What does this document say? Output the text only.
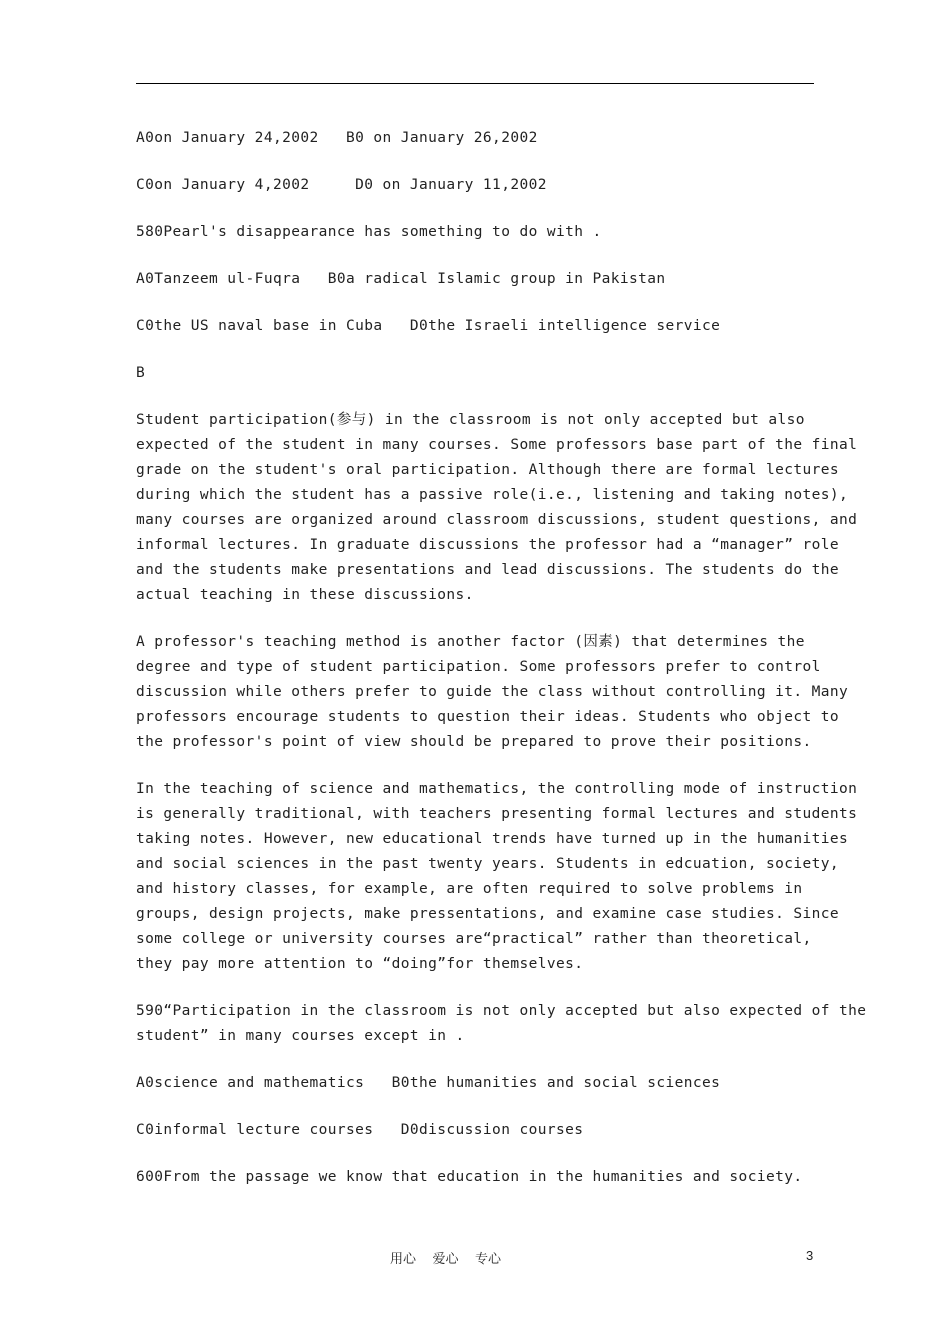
A0on January 24,2002   B0 on January 26,2002
C0on January 4,2002     D0 on January 11,2002
580Pearl's disappearance has something to do with .
A0Tanzeem ul-Fuqra   B0a radical Islamic group in Pakistan
C0the US naval base in Cuba   D0the Israeli intelligence service
B
Student participation(参与) in the classroom is not only accepted but also
expected of the student in many courses. Some professors base part of the final
grade on the student's oral participation. Although there are formal lectures
during which the student has a passive role(i.e., listening and taking notes),
many courses are organized around classroom discussions, student questions, and
informal lectures. In graduate discussions the professor had a “manager” role
and the students make presentations and lead discussions. The students do the
actual teaching in these discussions.
A professor's teaching method is another factor (因素) that determines the
degree and type of student participation. Some professors prefer to control
discussion while others prefer to guide the class without controlling it. Many
professors encourage students to question their ideas. Students who object to
the professor's point of view should be prepared to prove their positions.
In the teaching of science and mathematics, the controlling mode of instruction
is generally traditional, with teachers presenting formal lectures and students
taking notes. However, new educational trends have turned up in the humanities
and social sciences in the past twenty years. Students in edcuation, society,
and history classes, for example, are often required to solve problems in
groups, design projects, make pressentations, and examine case studies. Since
some college or university courses are“practical” rather than theoretical,
they pay more attention to “doing”for themselves.
590“Participation in the classroom is not only accepted but also expected of the
student” in many courses except in .
A0science and mathematics   B0the humanities and social sciences
C0informal lecture courses   D0discussion courses
600From the passage we know that education in the humanities and society.
用心    爱心    专心	3
